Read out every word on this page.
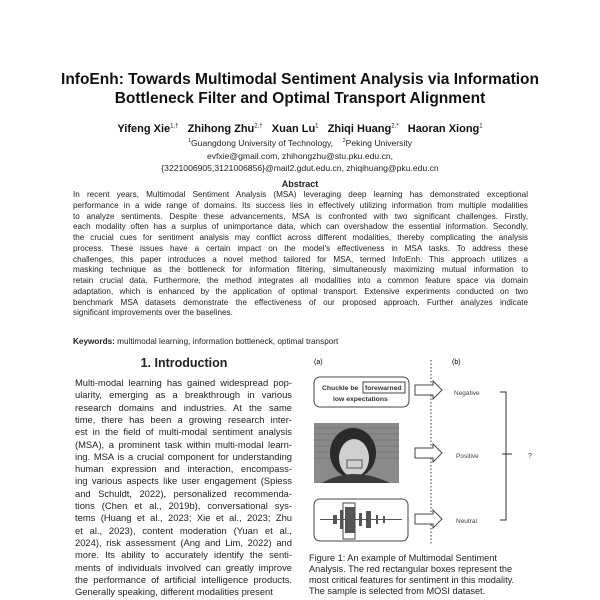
InfoEnh: Towards Multimodal Sentiment Analysis via Information
Bottleneck Filter and Optimal Transport Alignment
Yifeng Xie$^{1,\dagger}$ Zhihong Zhu$^{2,\dagger}$ Xuan Lu$^1$ Zhiqi Huang$^{2,*}$ Haoran Xiong$^1$
$^1$Guangdong University of Technology, $^2$Peking University
evfxie@gmail.com, zhihongzhu@stu.pku.edu.cn,
{3221006905,3121006856}@mail2.gdut.edu.cn, zhiqihuang@pku.edu.cn
Abstract
In recent years, Multimodal Sentiment Analysis (MSA) leveraging deep learning has demonstrated exceptional
performance in a wide range of domains. Its success lies in effectively utilizing information from multiple modalities
to analyze sentiments. Despite these advancements, MSA is confronted with two significant challenges. Firstly,
each modality often has a surplus of unimportance data, which can overshadow the essential information. Secondly,
the crucial cues for sentiment analysis may conflict across different modalities, thereby complicating the analysis
process. These issues have a certain impact on the model's effectiveness in MSA tasks. To address these
challenges, this paper introduces a novel method tailored for MSA, termed InfoEnh. This approach utilizes a
masking technique as the bottleneck for information filtering, simultaneously maximizing mutual information to
retain crucial data. Furthermore, the method integrates all modalities into a common feature space via domain
adaptation, which is enhanced by the application of optimal transport. Extensive experiments conducted on two
benchmark MSA datasets demonstrate the effectiveness of our proposed approach. Further analyzes indicate
significant improvements over the baselines.
Keywords: multimodal learning, information bottleneck, optimal transport
1. Introduction
Multi-modal learning has gained widespread pop-
ularity, emerging as a breakthrough in various
research domains and industries. At the same
time, there has been a growing research inter-
est in the field of multi-modal sentiment analysis
(MSA), a prominent task within multi-modal learn-
ing. MSA is a crucial component for understanding
human expression and interaction, encompass-
ing various aspects like user engagement (Spiess
and Schuldt, 2022), personalized recommenda-
tions (Chen et al., 2019b), conversational sys-
tems (Huang et al., 2023; Xie et al., 2023; Zhu
et al., 2023), content moderation (Yuan et al.,
2024), risk assessment (Ang and Lim, 2022) and
more. Its ability to accurately identify the senti-
ments of individuals involved can greatly improve
the performance of artificial intelligence products.
Generally speaking, different modalities present
(a)	(b)
Chuckle be forewarned
low expectations
Negative
Positive
Neutral
?
Figure 1: An example of Multimodal Sentiment
Analysis. The red rectangular boxes represent the
most critical features for sentiment in this modality.
The sample is selected from MOSI dataset.
